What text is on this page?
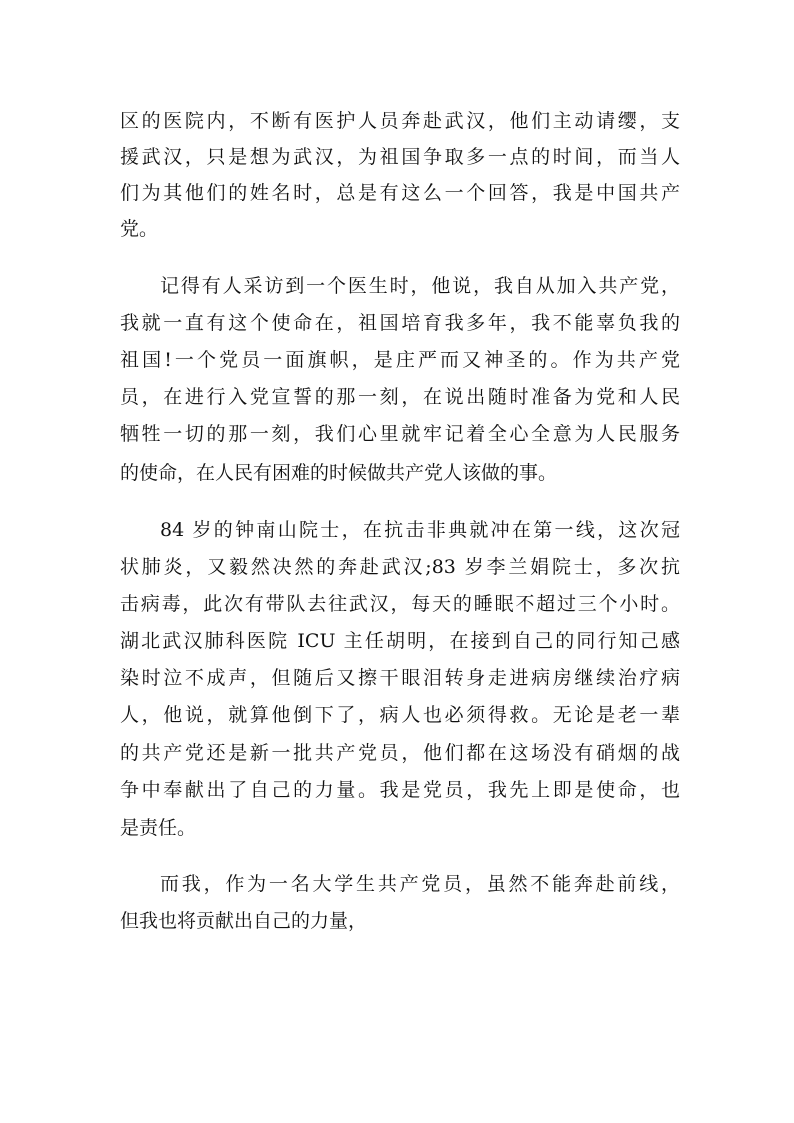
区的医院内，不断有医护人员奔赴武汉，他们主动请缨，支
援武汉，只是想为武汉，为祖国争取多一点的时间，而当人
们为其他们的姓名时，总是有这么一个回答，我是中国共产
党。
记得有人采访到一个医生时，他说，我自从加入共产党，
我就一直有这个使命在，祖国培育我多年，我不能辜负我的
祖国!一个党员一面旗帜，是庄严而又神圣的。作为共产党
员，在进行入党宣誓的那一刻，在说出随时准备为党和人民
牺牲一切的那一刻，我们心里就牢记着全心全意为人民服务
的使命，在人民有困难的时候做共产党人该做的事。
84 岁的钟南山院士，在抗击非典就冲在第一线，这次冠
状肺炎，又毅然决然的奔赴武汉;83 岁李兰娟院士，多次抗
击病毒，此次有带队去往武汉，每天的睡眠不超过三个小时。
湖北武汉肺科医院 ICU 主任胡明，在接到自己的同行知己感
染时泣不成声，但随后又擦干眼泪转身走进病房继续治疗病
人，他说，就算他倒下了，病人也必须得救。无论是老一辈
的共产党还是新一批共产党员，他们都在这场没有硝烟的战
争中奉献出了自己的力量。我是党员，我先上即是使命，也
是责任。
而我，作为一名大学生共产党员，虽然不能奔赴前线，
但我也将贡献出自己的力量，
